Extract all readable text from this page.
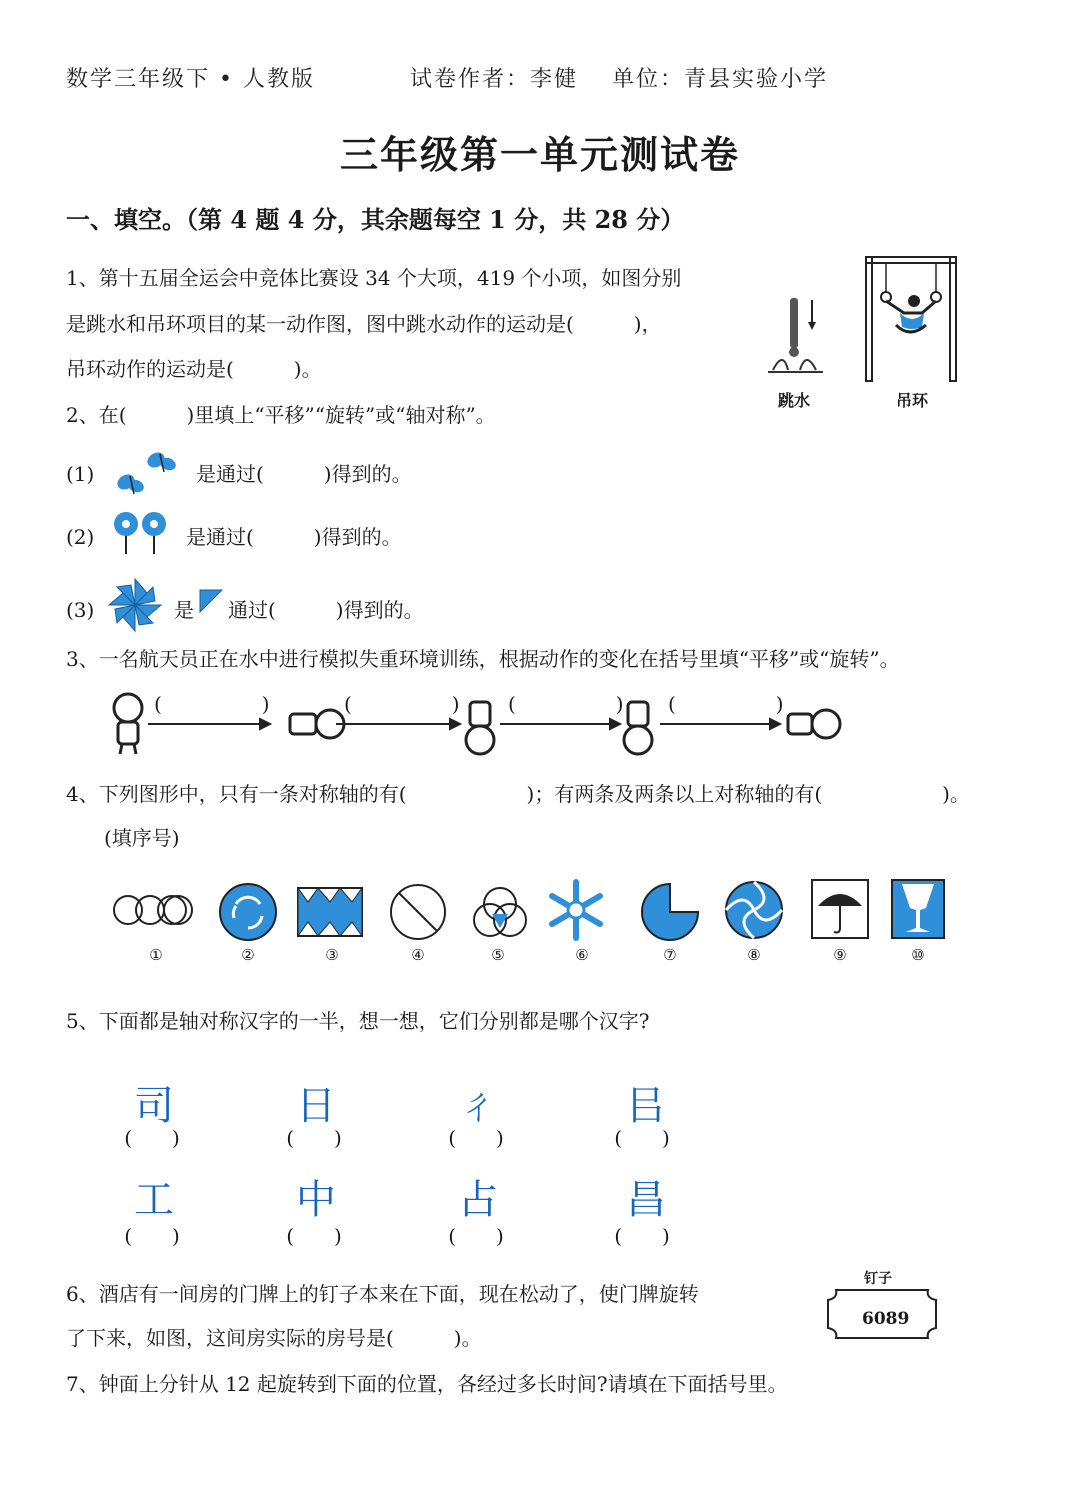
数学三年级下 • 人教版	试卷作者：李健 单位：青县实验小学
三年级第一单元测试卷
一、填空。（第 4 题 4 分，其余题每空 1 分，共 28 分）
1、第十五届全运会中竞体比赛设 34 个大项，419 个小项，如图分别
是跳水和吊环项目的某一动作图，图中跳水动作的运动是(　　　)，
吊环动作的运动是(　　　)。
跳水	吊环
2、在(　　　)里填上“平移”“旋转”或“轴对称”。
(1)	是通过(　　　)得到的。
(2)	是通过(　　　)得到的。
(3)	是 通过(　　　)得到的。
3、一名航天员正在水中进行模拟失重环境训练，根据动作的变化在括号里填“平移”或“旋转”。
(　　　　　)	(　　　　　) (　　　　　) (　　　　　)
4、下列图形中，只有一条对称轴的有(　　　　　　)；有两条及两条以上对称轴的有(　　　　　　)。
(填序号)
①	②	③	④	⑤	⑥	⑦	⑧	⑨	⑩
5、下面都是轴对称汉字的一半，想一想，它们分别都是哪个汉字?
司	日	ㄔ	㠯
(　　)	(　　)	(　　)	(　　)
工	中	占	昌
(　　)	(　　)	(　　)	(　　)
6、酒店有一间房的门牌上的钉子本来在下面，现在松动了，使门牌旋转
了下来，如图，这间房实际的房号是(　　　)。
钉子
6089
7、钟面上分针从 12 起旋转到下面的位置，各经过多长时间?请填在下面括号里。
